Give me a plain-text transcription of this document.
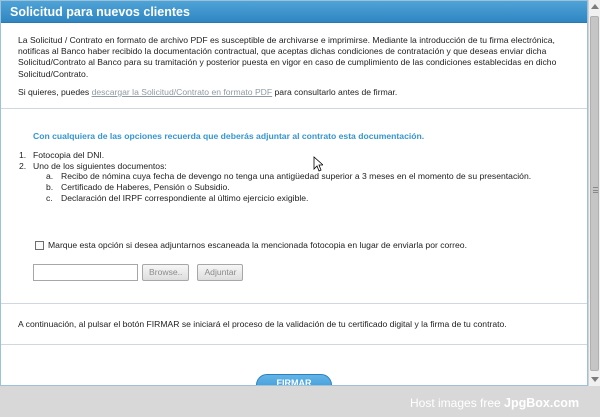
Solicitud para nuevos clientes

La Solicitud / Contrato en formato de archivo PDF es susceptible de archivarse e imprimirse. Mediante la introducción de tu firma electrónica, notificas al Banco haber recibido la documentación contractual, que aceptas dichas condiciones de contratación y que deseas enviar dicha Solicitud/Contrato al Banco para su tramitación y posterior puesta en vigor en caso de cumplimiento de las condiciones establecidas en dicho Solicitud/Contrato.

Si quieres, puedes descargar la Solicitud/Contrato en formato PDF para consultarlo antes de firmar.

Con cualquiera de las opciones recuerda que deberás adjuntar al contrato esta documentación.
1. Fotocopia del DNI.
2. Uno de los siguientes documentos:
a. Recibo de nómina cuya fecha de devengo no tenga una antigüedad superior a 3 meses en el momento de su presentación.
b. Certificado de Haberes, Pensión o Subsidio.
c. Declaración del IRPF correspondiente al último ejercicio exigible.
Marque esta opción si desea adjuntarnos escaneada la mencionada fotocopia en lugar de enviarla por correo.
Browse..	Adjuntar

A continuación, al pulsar el botón FIRMAR se iniciará el proceso de la validación de tu certificado digital y la firma de tu contrato.

FIRMAR
Host images free JpgBox.com
